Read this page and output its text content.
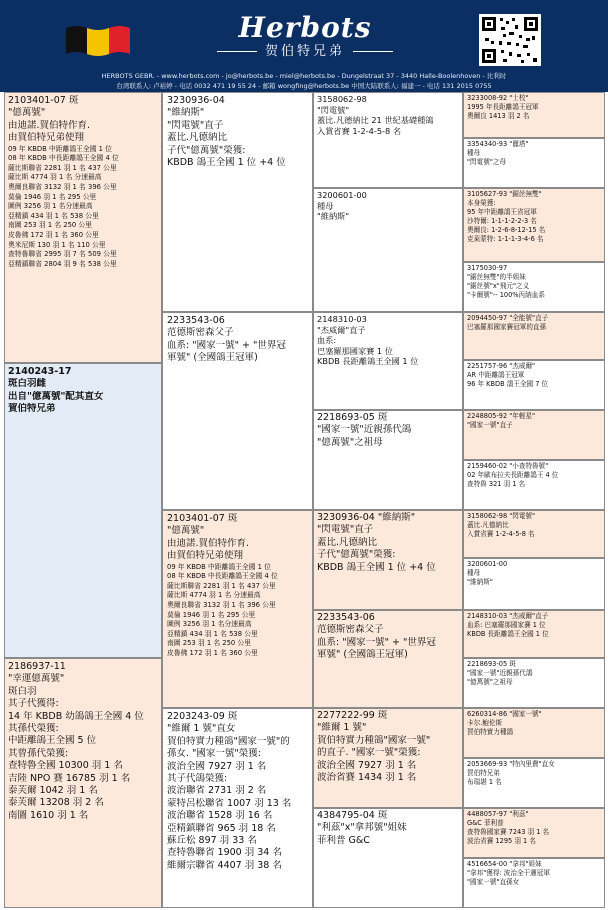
Herbots
贺伯特兄弟
HERBOTS GEBR. - www.herbots.com - jo@herbots.be - miel@herbots.be - Dungelstraat 37 - 3440 Halle-Boolenhoven - 比利时
台湾联系人: 卢裕婷 - 电话 0032 471 19 55 24 - 邮箱 wongfing@herbots.be 中国大陆联系人: 福建一 - 电话 131 2015 0755
2103401-07 斑
"億萬號"
由迪諾.賀伯特作育.
由賀伯特兄弟使翔
09 年 KBDB 中距離鴿王全國 1 位
08 年 KBDB 中長距離鴿王全國 4 位
薩比斯聯省 2281 羽 1 名 437 公里
薩比斯 4774 羽 1 名 分速最高
奧爾良聯省 3132 羽 1 名 396 公里
莫倫 1946 羽 1 名 295 公里
圖例 3256 羽 1 名分速最高
亞精鎮 434 羽 1 名 538 公里
南圖 253 羽 1 名 250 公里
皮魯佛 172 羽 1 名 360 公里
奧米尼斯 130 羽 1 名 110 公里
查特魯聯省 2995 羽 7 名 509 公里
亞精鎮聯省 2804 羽 9 名 538 公里
2140243-17
斑白羽雌
出自"億萬號"配其直女
賀伯特兄弟
2186937-11
"幸運億萬號"
斑白羽
其子代獲得:
14 年 KBDB 幼鴿鴿王全國 4 位
其孫代榮獲:
中距離鴿王全國 5 位
其曾孫代榮獲:
查特魯全國 10300 羽 1 名
吉陸 NPO 賽 16785 羽 1 名
泰芙爾 1042 羽 1 名
泰芙爾 13208 羽 2 名
南圖 1610 羽 1 名
3230936-04
"維納斯"
"閃電號"直子
蓋比.凡德納比
子代"億萬號"榮獲:
KBDB 鴿王全國 1 位 +4 位
2233543-06
范德斯密森父子
血系: "國家一號" + "世界冠
軍號" (全國鴿王冠軍)
2103401-07 斑
"億萬號"
由迪諾.賀伯特作育.
由賀伯特兄弟使翔
09 年 KBDB 中距離鴿王全國 1 位
08 年 KBDB 中長距離鴿王全國 4 位
薩比斯聯省 2281 羽 1 名 437 公里
薩比斯 4774 羽 1 名 分速最高
奧爾良聯省 3132 羽 1 名 396 公里
莫倫 1946 羽 1 名 295 公里
圖例 3256 羽 1 名分速最高
亞精鎮 434 羽 1 名 538 公里
南圖 253 羽 1 名 250 公里
皮魯佛 172 羽 1 名 360 公里
2203243-09 斑
"維爾 1 號"直女
賀伯特實力種鴿"國家一號"的
孫女. "國家一號"榮獲:
波治全國 7927 羽 1 名
其子代鴿榮獲:
波治聯省 2731 羽 2 名
蒙特呂松聯省 1007 羽 13 名
波治聯省 1528 羽 16 名
亞精鎮聯省 965 羽 18 名
蘇丘松 897 羽 33 名
查特魯聯省 1900 羽 34 名
維爾宗聯省 4407 羽 38 名
3158062-98
"閃電號"
蓋比.凡德納比 21 世紀基礎種鴿
入賞省賽 1-2-4-5-8 名
3200601-00
種母
"維納斯"
2148310-03
"杰威爾"直子
血系:
巴塞羅那國家賽 1 位
KBDB 長距離鴿王全國 1 位
2218693-05 斑
"國家一號"近親孫代鴿
"億萬號"之祖母
3230936-04 "維納斯"
"閃電號"直子
蓋比.凡德納比
子代"億萬號"榮獲:
KBDB 鴿王全國 1 位 +4 位
2233543-06
范德斯密森父子
血系: "國家一號" + "世界冠
軍號" (全國鴿王冠軍)
2277222-99 斑
"維爾 1 號"
賀伯特實力種鴿"國家一號"
的直子. "國家一號"榮獲:
波治全國 7927 羽 1 名
波治省賽 1434 羽 1 名
4384795-04 斑
"利茲"x"拿邦號"姐妹
菲利普 G&C
3233008-92 "士校"
1995 年長距離鴿王冠軍
奧爾良 1413 羽 2 名
3354340-93 "麗塔"
種母
"閃電號"之母
3105627-93 "鋸丝無雙"
本身榮獲:
95 年中距離鴿王省冠軍
沙特爾: 1-1-1-2-2-3 名
奧爾良: 1-2-6-8-12-15 名
克萊蒙特: 1-1-1-3-4-6 名
3175030-97
"鋸丝無雙"的半姐妹
"鋸丝號"x"飛元"之义
"卡爾號"-- 100%丙納血系
2094450-97 "全能號"直子
巴塞羅那國家賽冠軍的直孫
2251757-96 "杰威爾"
AR 中距離鴿王冠軍
96 年 KBDB 鴿王全國 7 位
2248805-92 "年輕星"
"國家一號"直子
2159460-02 "小查特魯號"
02 年歐布拉夫長距離鴿王 4 位
查特魯 321 羽 1 名
3158062-98 "閃電號"
蓋比.凡德納比
入賞省賽 1-2-4-5-8 名
3200601-00
種母
"維納斯"
2148310-03 "杰威爾"直子
血系: 巴塞羅那國家賽 1 位
KBDB 長距離鴿王全國 1 位
2218693-05 斑
"國家一號"近親孫代鴿
"億萬號"之祖母
6260314-86 "國家一號"
卡尔.鮑伦斯
賀伯特實力種鴿
2053669-93 "特內里費"直女
賀伯特兄弟
布瑞堪 1 名
4488057-97 "利茲"
G&C 菲利普
查特魯國家賽 7243 羽 1 名
波治省賽 1295 羽 1 名
4516654-00 "拿邦"姐妹
"拿邦"獲得: 波治全干邏冠軍
"國家一號"直孫女
